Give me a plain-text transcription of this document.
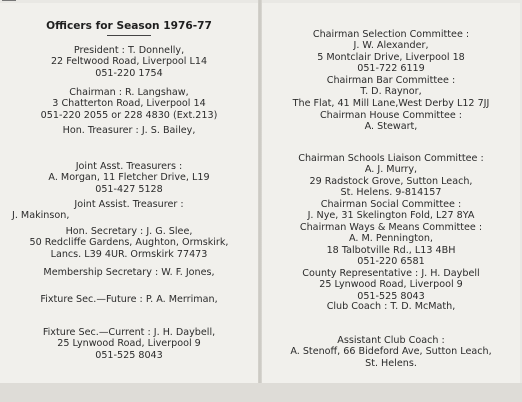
Officers for Season 1976-77
President : T. Donnelly,
22 Feltwood Road, Liverpool L14
051-220 1754
Chairman : R. Langshaw,
3 Chatterton Road, Liverpool 14
051-220 2055 or 228 4830 (Ext.213)
Hon. Treasurer : J. S. Bailey,
Joint Asst. Treasurers :
A. Morgan, 11 Fletcher Drive, L19
051-427 5128
Joint Assist. Treasurer :
J. Makinson,
Hon. Secretary : J. G. Slee,
50 Redcliffe Gardens, Aughton, Ormskirk,
Lancs. L39 4UR. Ormskirk 77473
Membership Secretary : W. F. Jones,
Fixture Sec.—Future : P. A. Merriman,
Fixture Sec.—Current : J. H. Daybell,
25 Lynwood Road, Liverpool 9
051-525 8043
Chairman Selection Committee :
J. W. Alexander,
5 Montclair Drive, Liverpool 18
051-722 6119
Chairman Bar Committee :
T. D. Raynor,
The Flat, 41 Mill Lane,West Derby L12 7JJ
Chairman House Committee :
A. Stewart,
Chairman Schools Liaison Committee :
A. J. Murry,
29 Radstock Grove, Sutton Leach,
St. Helens. 9-814157
Chairman Social Committee :
J. Nye, 31 Skelington Fold, L27 8YA
Chairman Ways & Means Committee :
A. M. Pennington,
18 Talbotville Rd., L13 4BH
051-220 6581
County Representative : J. H. Daybell
25 Lynwood Road, Liverpool 9
051-525 8043
Club Coach : T. D. McMath,
Assistant Club Coach :
A. Stenoff, 66 Bideford Ave, Sutton Leach,
St. Helens.
